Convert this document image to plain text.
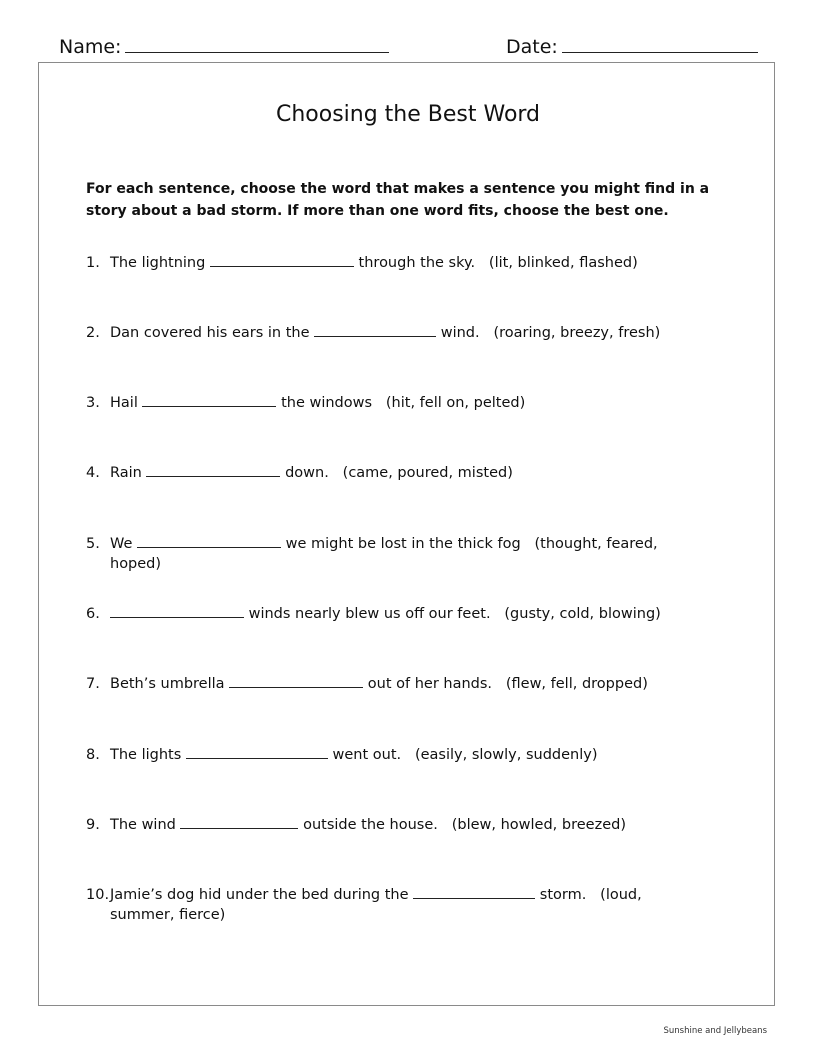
Name:	Date:
Choosing the Best Word
For each sentence, choose the word that makes a sentence you might find in a story about a bad storm. If more than one word fits, choose the best one.
1. The lightning	through the sky. (lit, blinked, flashed)
2. Dan covered his ears in the	wind. (roaring, breezy, fresh)
3. Hail	the windows (hit, fell on, pelted)
4. Rain	down. (came, poured, misted)
5. We	we might be lost in the thick fog (thought, feared, hoped)
6.	winds nearly blew us off our feet. (gusty, cold, blowing)
7. Beth’s umbrella	out of her hands. (flew, fell, dropped)
8. The lights	went out. (easily, slowly, suddenly)
9. The wind	outside the house. (blew, howled, breezed)
10. Jamie’s dog hid under the bed during the	storm. (loud, summer, fierce)
Sunshine and Jellybeans
